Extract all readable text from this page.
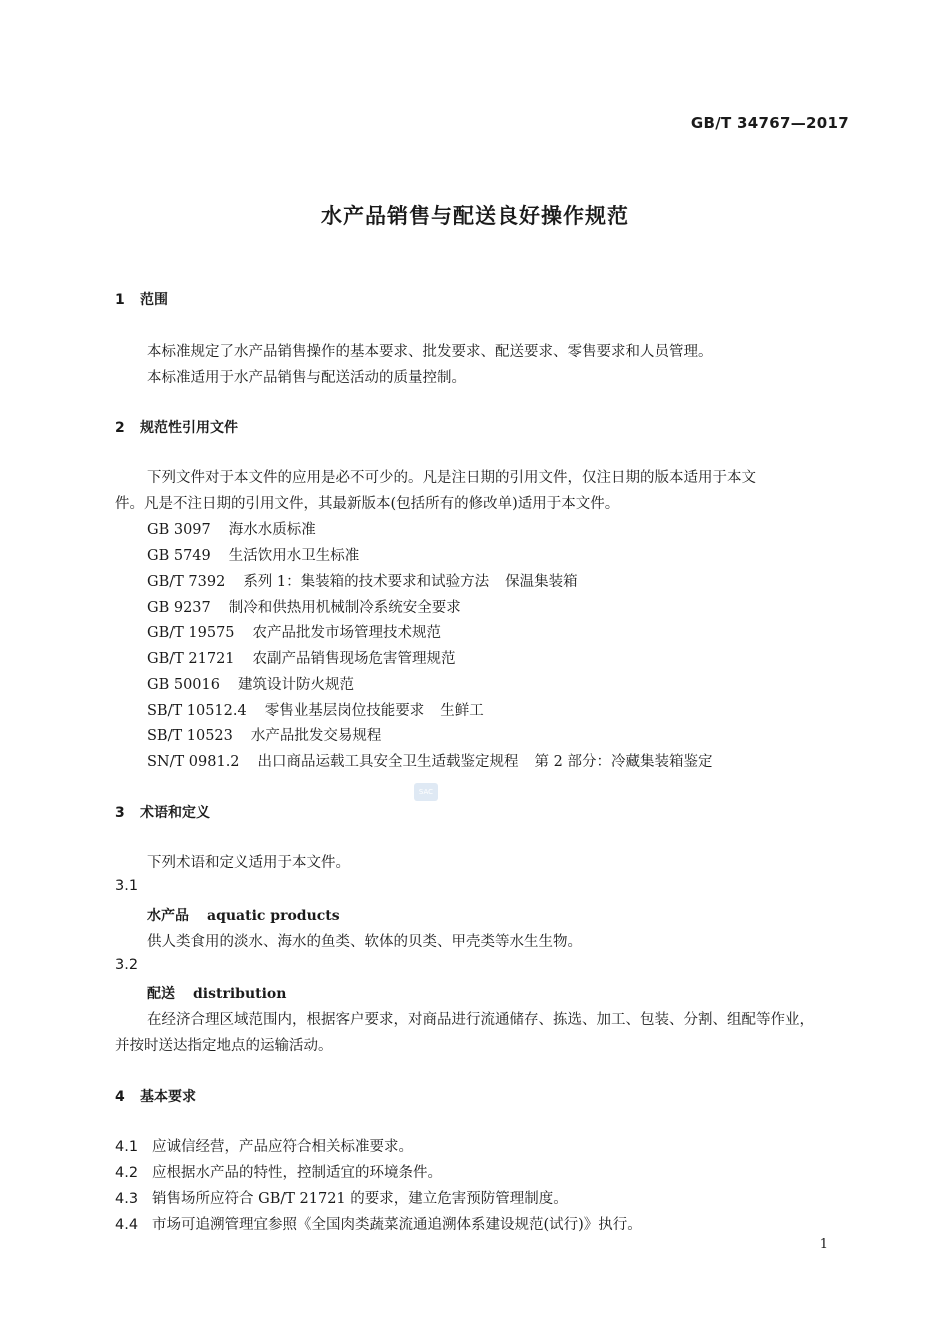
GB/T 34767—2017
水产品销售与配送良好操作规范
1 范围
本标准规定了水产品销售操作的基本要求、批发要求、配送要求、零售要求和人员管理。
本标准适用于水产品销售与配送活动的质量控制。
2 规范性引用文件
下列文件对于本文件的应用是必不可少的。凡是注日期的引用文件，仅注日期的版本适用于本文
件。凡是不注日期的引用文件，其最新版本(包括所有的修改单)适用于本文件。
GB 3097 海水水质标准
GB 5749 生活饮用水卫生标准
GB/T 7392 系列 1：集装箱的技术要求和试验方法 保温集装箱
GB 9237 制冷和供热用机械制冷系统安全要求
GB/T 19575 农产品批发市场管理技术规范
GB/T 21721 农副产品销售现场危害管理规范
GB 50016 建筑设计防火规范
SB/T 10512.4 零售业基层岗位技能要求 生鲜工
SB/T 10523 水产品批发交易规程
SN/T 0981.2 出口商品运载工具安全卫生适载鉴定规程 第 2 部分：冷藏集装箱鉴定
SAC
3 术语和定义
下列术语和定义适用于本文件。
3.1
水产品 aquatic products
供人类食用的淡水、海水的鱼类、软体的贝类、甲壳类等水生生物。
3.2
配送 distribution
在经济合理区域范围内，根据客户要求，对商品进行流通储存、拣选、加工、包装、分割、组配等作业，
并按时送达指定地点的运输活动。
4 基本要求
4.1 应诚信经营，产品应符合相关标准要求。
4.2 应根据水产品的特性，控制适宜的环境条件。
4.3 销售场所应符合 GB/T 21721 的要求，建立危害预防管理制度。
4.4 市场可追溯管理宜参照《全国肉类蔬菜流通追溯体系建设规范(试行)》执行。
1
